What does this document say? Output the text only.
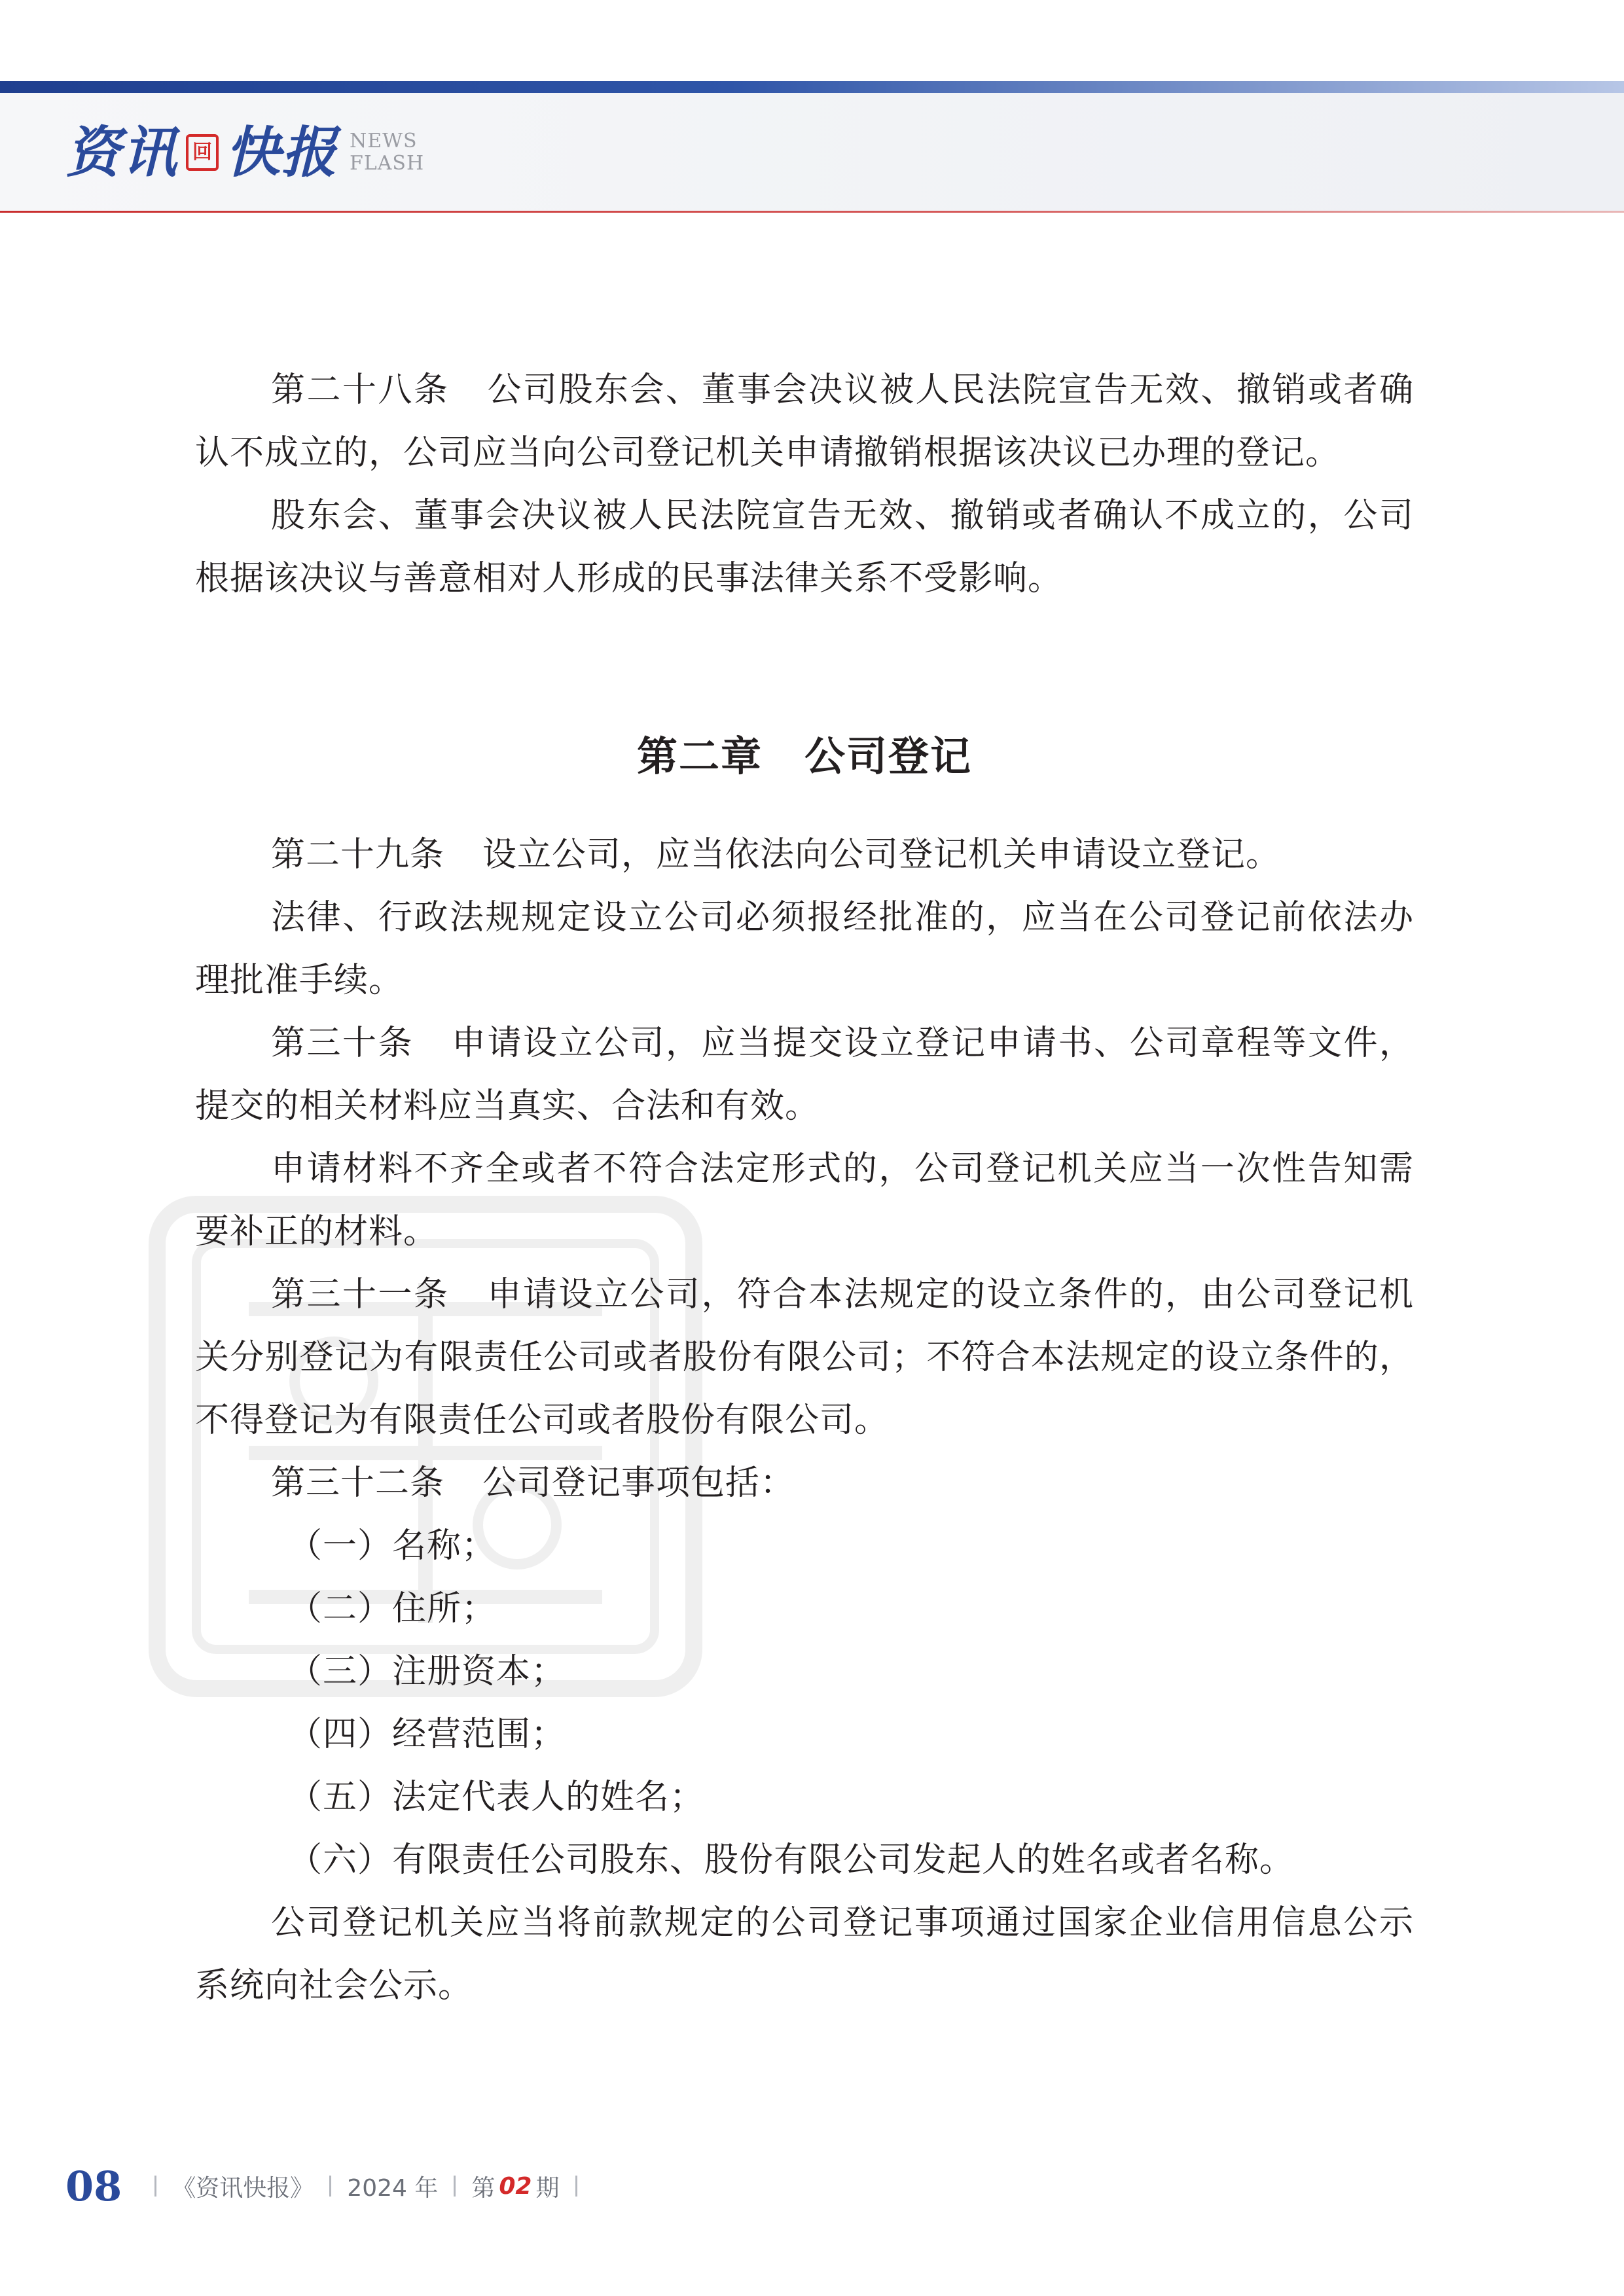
资讯 回 快报 NEWS
FLASH

第二十八条 公司股东会、董事会决议被人民法院宣告无效、撤销或者确认不成立的，公司应当向公司登记机关申请撤销根据该决议已办理的登记。

股东会、董事会决议被人民法院宣告无效、撤销或者确认不成立的，公司根据该决议与善意相对人形成的民事法律关系不受影响。

第二章　公司登记

第二十九条 设立公司，应当依法向公司登记机关申请设立登记。

法律、行政法规规定设立公司必须报经批准的，应当在公司登记前依法办理批准手续。

第三十条 申请设立公司，应当提交设立登记申请书、公司章程等文件，提交的相关材料应当真实、合法和有效。

申请材料不齐全或者不符合法定形式的，公司登记机关应当一次性告知需要补正的材料。

第三十一条 申请设立公司，符合本法规定的设立条件的，由公司登记机关分别登记为有限责任公司或者股份有限公司；不符合本法规定的设立条件的，不得登记为有限责任公司或者股份有限公司。

第三十二条 公司登记事项包括：

（一）名称；

（二）住所；

（三）注册资本；

（四）经营范围；

（五）法定代表人的姓名；

（六）有限责任公司股东、股份有限公司发起人的姓名或者名称。

公司登记机关应当将前款规定的公司登记事项通过国家企业信用信息公示系统向社会公示。

08 《资讯快报》 2024 年 第 02 期
